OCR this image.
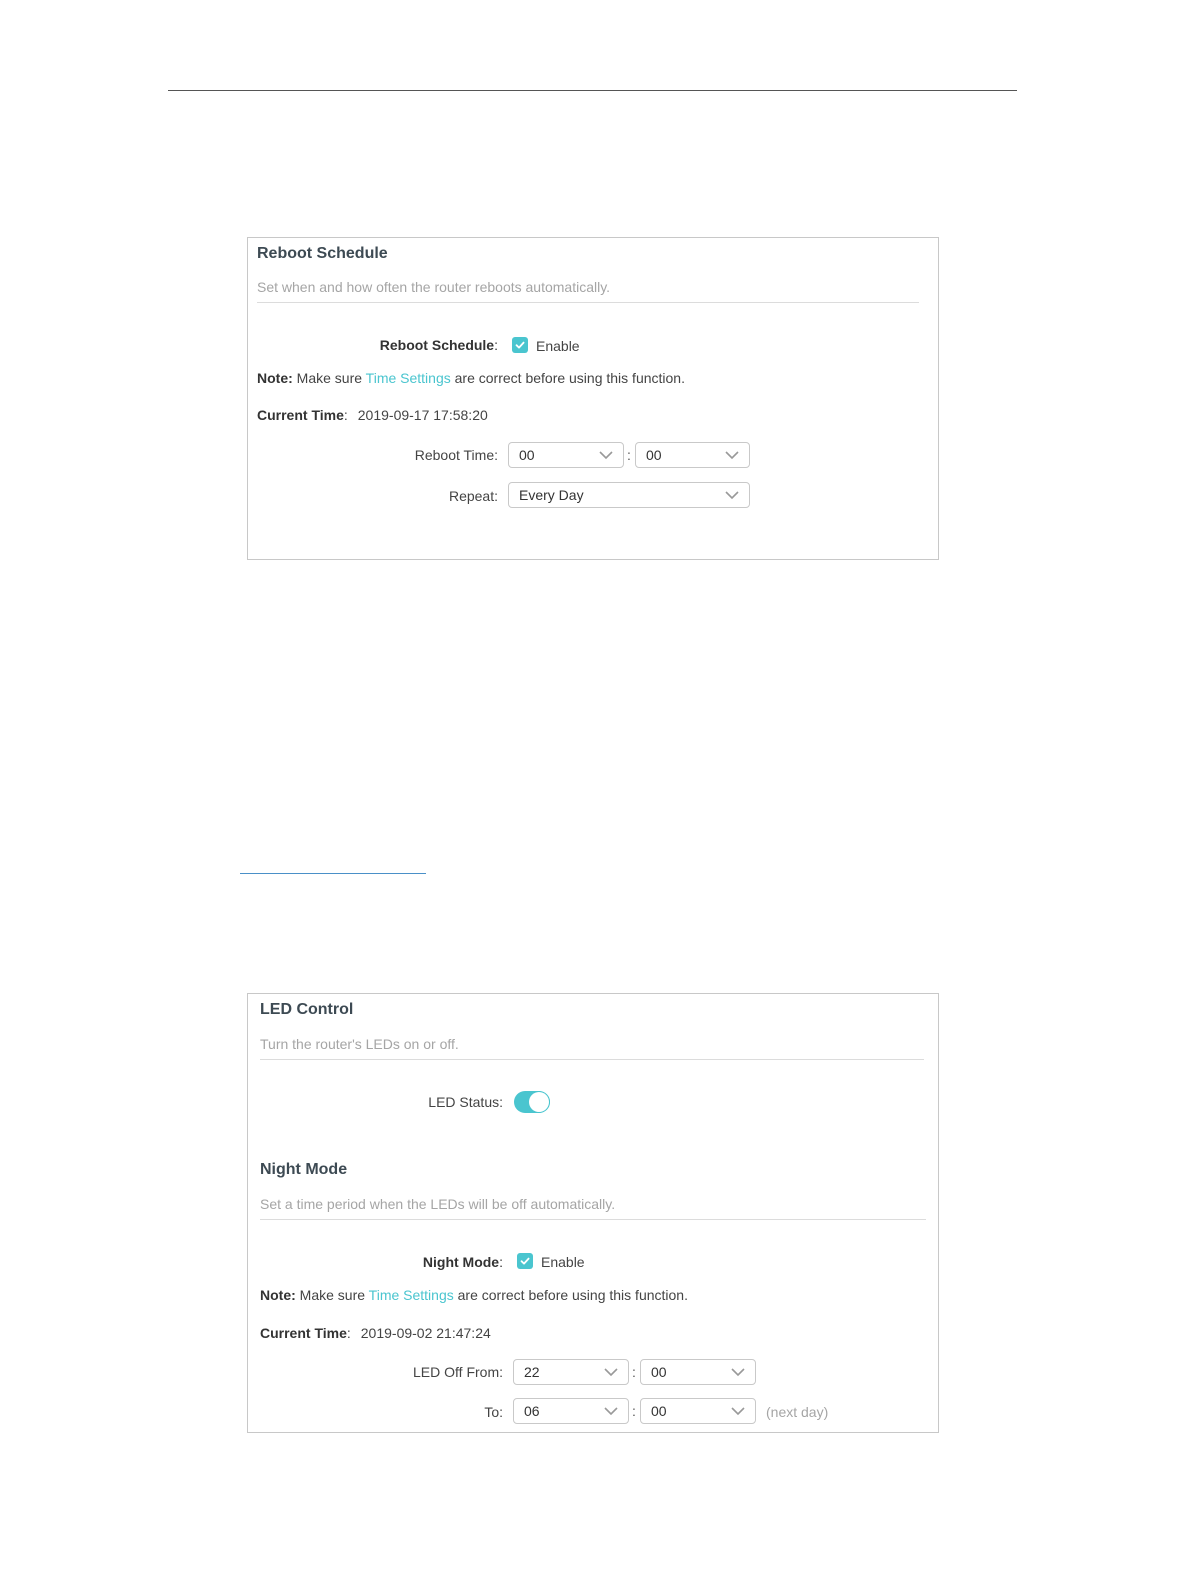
Reboot Schedule
Set when and how often the router reboots automatically.
Reboot Schedule:	Enable
Note: Make sure Time Settings are correct before using this function.
Current Time: 2019-09-17 17:58:20
Reboot Time: 00	: 00
Repeat: Every Day
LED Control
Turn the router's LEDs on or off.
LED Status:
Night Mode
Set a time period when the LEDs will be off automatically.
Night Mode:	Enable
Note: Make sure Time Settings are correct before using this function.
Current Time: 2019-09-02 21:47:24
LED Off From: 22	: 00
To: 06	: 00	(next day)
